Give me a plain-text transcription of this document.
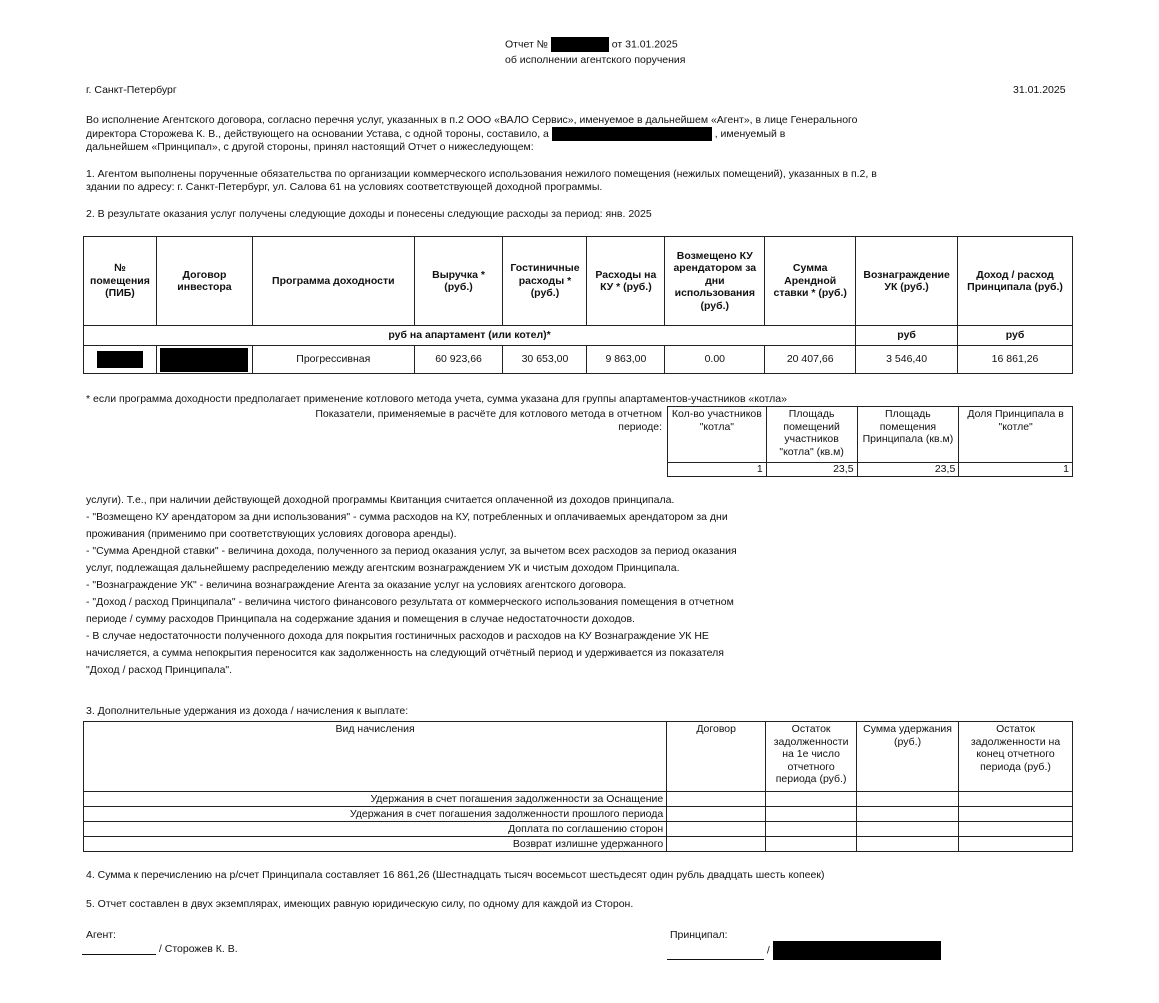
Отчет №	от 31.01.2025
об исполнении агентского поручения
г. Санкт-Петербург	31.01.2025
Во исполнение Агентского договора, согласно перечня услуг, указанных в п.2 ООО «ВАЛО Сервис», именуемое в дальнейшем «Агент», в лице Генерального
директора Сторожева К. В., действующего на основании Устава, с одной тороны, составило, а	, именуемый в
дальнейшем «Принципал», с другой стороны, принял настоящий Отчет о нижеследующем:
1. Агентом выполнены порученные обязательства по организации коммерческого использования нежилого помещения (нежилых помещений), указанных в п.2, в
здании по адресу: г. Санкт-Петербург, ул. Салова 61 на условиях соответствующей доходной программы.
2. В результате оказания услуг получены следующие доходы и понесены следующие расходы за период: янв. 2025
№ помещения (ПИБ)	Договор инвестора	Программа доходности	Выручка * (руб.)	Гостиничные расходы * (руб.)	Расходы на КУ * (руб.)	Возмещено КУ арендатором за дни использования (руб.)	Сумма Арендной ставки * (руб.)	Вознаграждение УК (руб.)	Доход / расход Принципала (руб.)
руб на апартамент (или котел)*								руб	руб
		Прогрессивная	60 923,66	30 653,00	9 863,00	0.00	20 407,66	3 546,40	16 861,26
* если программа доходности предполагает применение котлового метода учета, сумма указана для группы апартаментов-участников «котла»
Показатели, применяемые в расчёте для котлового метода в отчетном периоде:
Кол-во участников "котла"	Площадь помещений участников "котла" (кв.м)	Площадь помещения Принципала (кв.м)	Доля Принципала в "котле"
1	23,5	23,5	1
услуги). Т.е., при наличии действующей доходной программы Квитанция считается оплаченной из доходов принципала.
- "Возмещено КУ арендатором за дни использования" - сумма расходов на КУ, потребленных и оплачиваемых арендатором за дни
проживания (применимо при соответствующих условиях договора аренды).
- "Сумма Арендной ставки" - величина дохода, полученного за период оказания услуг, за вычетом всех расходов за период оказания
услуг, подлежащая дальнейшему распределению между агентским вознаграждением УК и чистым доходом Принципала.
- "Вознаграждение УК" - величина вознаграждение Агента за оказание услуг на условиях агентского договора.
- "Доход / расход Принципала" - величина чистого финансового результата от коммерческого использования помещения в отчетном
периоде / сумму расходов Принципала на содержание здания и помещения в случае недостаточности доходов.
- В случае недостаточности полученного дохода для покрытия гостиничных расходов и расходов на КУ Вознаграждение УК НЕ
начисляется, а сумма непокрытия переносится как задолженность на следующий отчётный период и удерживается из показателя
"Доход / расход Принципала".
3. Дополнительные удержания из дохода / начисления к выплате:
Вид начисления	Договор	Остаток задолженности на 1е число отчетного периода (руб.)	Сумма удержания (руб.)	Остаток задолженности на конец отчетного периода (руб.)
Удержания в счет погашения задолженности за Оснащение				
Удержания в счет погашения задолженности прошлого периода				
Доплата по соглашению сторон				
Возврат излишне удержанного				
4. Сумма к перечислению на р/счет Принципала составляет 16 861,26 (Шестнадцать тысяч восемьсот шестьдесят один рубль двадцать шесть копеек)
5. Отчет составлен в двух экземплярах, имеющих равную юридическую силу, по одному для каждой из Сторон.
Агент:
/ Сторожев К. В.
Принципал:
/
